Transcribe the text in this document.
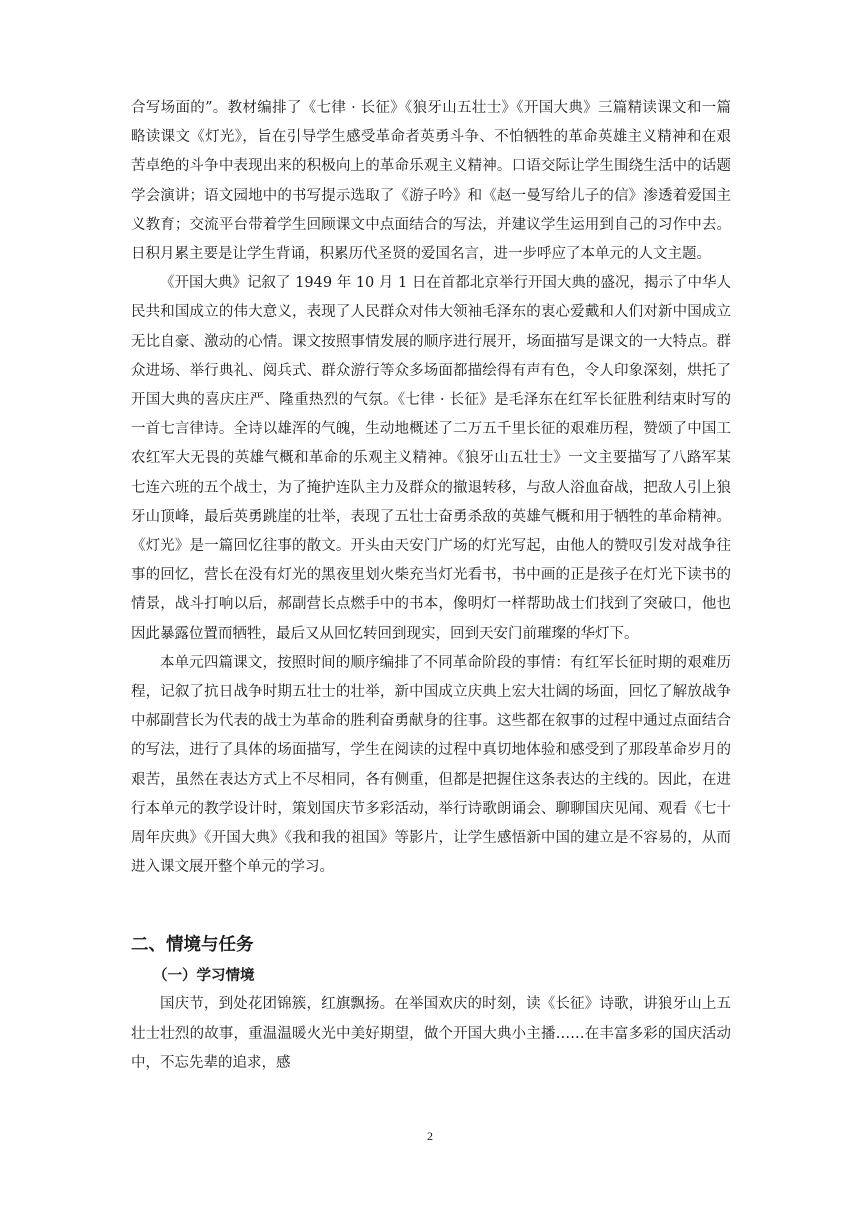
合写场面的”。教材编排了《七律 · 长征》《狼牙山五壮士》《开国大典》三篇精读课文和一篇略读课文《灯光》，旨在引导学生感受革命者英勇斗争、不怕牺牲的革命英雄主义精神和在艰苦卓绝的斗争中表现出来的积极向上的革命乐观主义精神。口语交际让学生围绕生活中的话题学会演讲；语文园地中的书写提示选取了《游子吟》和《赵一曼写给儿子的信》渗透着爱国主义教育；交流平台带着学生回顾课文中点面结合的写法，并建议学生运用到自己的习作中去。日积月累主要是让学生背诵，积累历代圣贤的爱国名言，进一步呼应了本单元的人文主题。

《开国大典》记叙了 1949 年 10 月 1 日在首都北京举行开国大典的盛况，揭示了中华人民共和国成立的伟大意义，表现了人民群众对伟大领袖毛泽东的衷心爱戴和人们对新中国成立无比自豪、激动的心情。课文按照事情发展的顺序进行展开，场面描写是课文的一大特点。群众进场、举行典礼、阅兵式、群众游行等众多场面都描绘得有声有色，令人印象深刻，烘托了开国大典的喜庆庄严、隆重热烈的气氛。《七律 · 长征》是毛泽东在红军长征胜利结束时写的一首七言律诗。全诗以雄浑的气魄，生动地概述了二万五千里长征的艰难历程，赞颂了中国工农红军大无畏的英雄气概和革命的乐观主义精神。《狼牙山五壮士》一文主要描写了八路军某七连六班的五个战士，为了掩护连队主力及群众的撤退转移，与敌人浴血奋战，把敌人引上狼牙山顶峰，最后英勇跳崖的壮举，表现了五壮士奋勇杀敌的英雄气概和用于牺牲的革命精神。《灯光》是一篇回忆往事的散文。开头由天安门广场的灯光写起，由他人的赞叹引发对战争往事的回忆，营长在没有灯光的黑夜里划火柴充当灯光看书，书中画的正是孩子在灯光下读书的情景，战斗打响以后，郝副营长点燃手中的书本，像明灯一样帮助战士们找到了突破口，他也因此暴露位置而牺牲，最后又从回忆转回到现实，回到天安门前璀璨的华灯下。

本单元四篇课文，按照时间的顺序编排了不同革命阶段的事情：有红军长征时期的艰难历程，记叙了抗日战争时期五壮士的壮举，新中国成立庆典上宏大壮阔的场面，回忆了解放战争中郝副营长为代表的战士为革命的胜利奋勇献身的往事。这些都在叙事的过程中通过点面结合的写法，进行了具体的场面描写，学生在阅读的过程中真切地体验和感受到了那段革命岁月的艰苦，虽然在表达方式上不尽相同，各有侧重，但都是把握住这条表达的主线的。因此，在进行本单元的教学设计时，策划国庆节多彩活动，举行诗歌朗诵会、聊聊国庆见闻、观看《七十周年庆典》《开国大典》《我和我的祖国》等影片，让学生感悟新中国的建立是不容易的，从而进入课文展开整个单元的学习。

二、情境与任务
（一）学习情境

国庆节，到处花团锦簇，红旗飘扬。在举国欢庆的时刻，读《长征》诗歌，讲狼牙山上五壮士壮烈的故事，重温温暖火光中美好期望，做个开国大典小主播……在丰富多彩的国庆活动中，不忘先辈的追求，感

2
